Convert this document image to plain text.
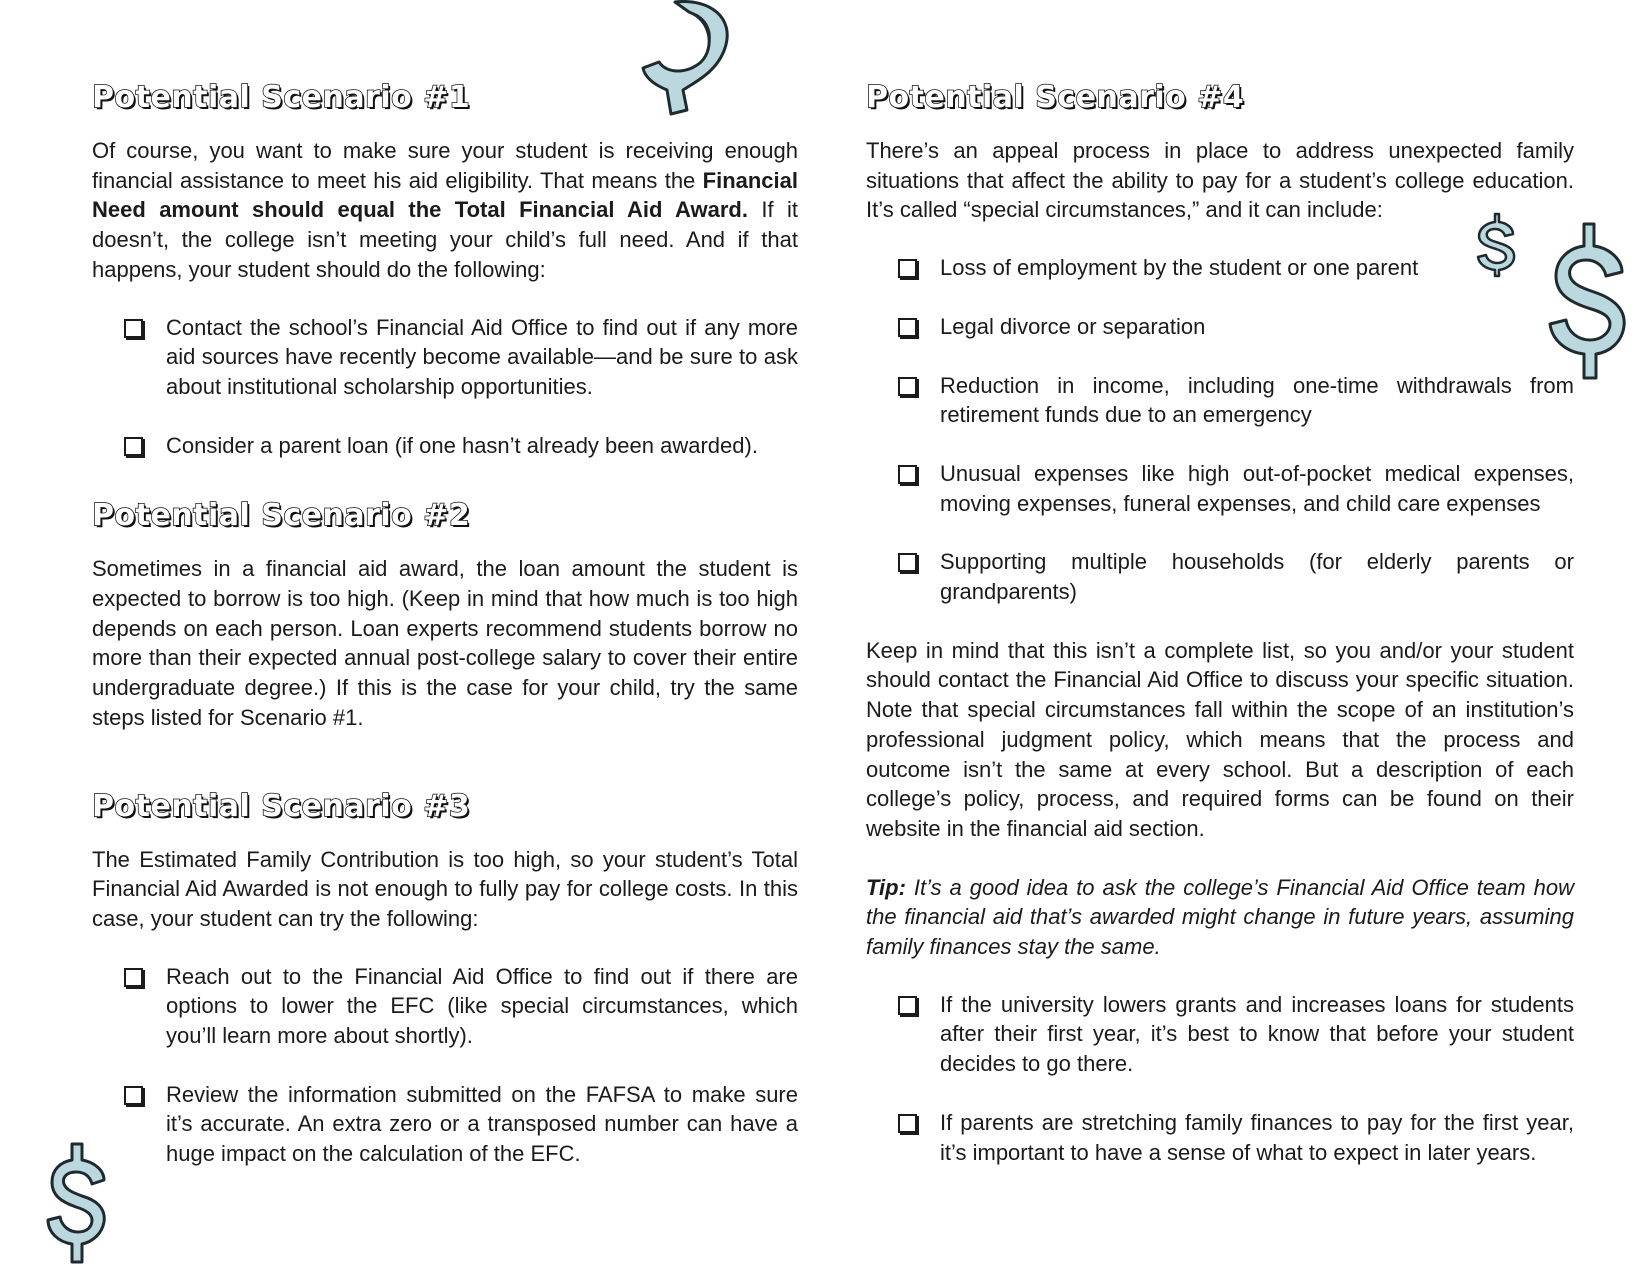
Potential Scenario #1

Of course, you want to make sure your student is receiving enough financial assistance to meet his aid eligibility. That means the Financial Need amount should equal the Total Financial Aid Award. If it doesn’t, the college isn’t meeting your child’s full need. And if that happens, your student should do the following:

Contact the school’s Financial Aid Office to find out if any more aid sources have recently become available—and be sure to ask about institutional scholarship opportunities.
Consider a parent loan (if one hasn’t already been awarded).
Potential Scenario #2

Sometimes in a financial aid award, the loan amount the student is expected to borrow is too high. (Keep in mind that how much is too high depends on each person. Loan experts recommend students borrow no more than their expected annual post-college salary to cover their entire undergraduate degree.) If this is the case for your child, try the same steps listed for Scenario #1.

Potential Scenario #3

The Estimated Family Contribution is too high, so your student’s Total Financial Aid Awarded is not enough to fully pay for college costs. In this case, your student can try the following:

Reach out to the Financial Aid Office to find out if there are options to lower the EFC (like special circumstances, which you’ll learn more about shortly).
Review the information submitted on the FAFSA to make sure it’s accurate. An extra zero or a transposed number can have a huge impact on the calculation of the EFC.
Potential Scenario #4

There’s an appeal process in place to address unexpected family situations that affect the ability to pay for a student’s college education. It’s called “special circumstances,” and it can include:

Loss of employment by the student or one parent
Legal divorce or separation
Reduction in income, including one-time withdrawals from retirement funds due to an emergency
Unusual expenses like high out-of-pocket medical expenses, moving expenses, funeral expenses, and child care expenses
Supporting multiple households (for elderly parents or grandparents)

Keep in mind that this isn’t a complete list, so you and/or your student should contact the Financial Aid Office to discuss your specific situation. Note that special circumstances fall within the scope of an institution’s professional judgment policy, which means that the process and outcome isn’t the same at every school. But a description of each college’s policy, process, and required forms can be found on their website in the financial aid section.

Tip: It’s a good idea to ask the college’s Financial Aid Office team how the financial aid that’s awarded might change in future years, assuming family finances stay the same.

If the university lowers grants and increases loans for students after their first year, it’s best to know that before your student decides to go there.
If parents are stretching family finances to pay for the first year, it’s important to have a sense of what to expect in later years.
